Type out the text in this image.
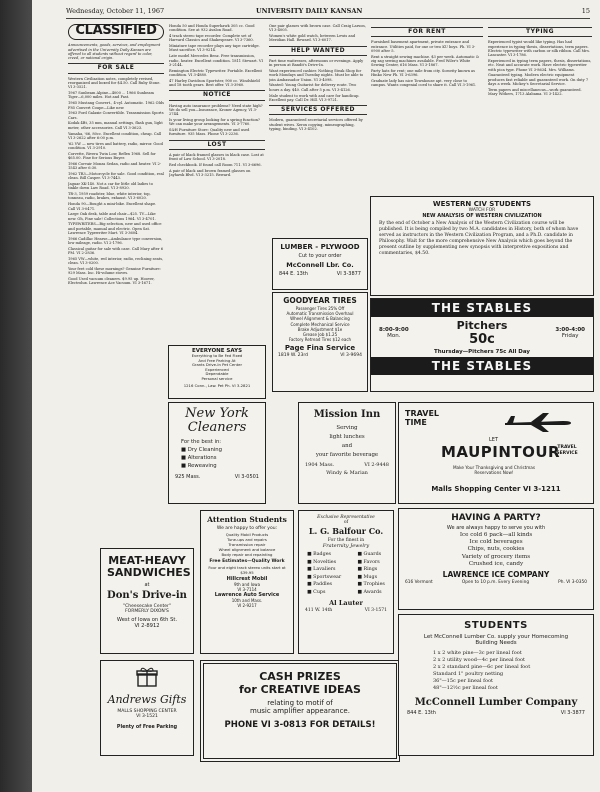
Wednesday, October 11, 1967	UNIVERSITY DAILY KANSAN	15
CLASSIFIED

Announcements, goods, services, and employment advertised in the University Daily Kansan are offered to all students without regard to color, creed, or national origin.

FOR SALE

Western Civilization notes, completely revised, reorganized and boxed for $4.50. Call Ruby Stone. VI 3-3521.

1967 Sunbeam Alpine—4000 ... 1966 Sunbeam Tiger—6,000 miles. Hot and Fast.

1965 Mustang Convert., 4-cyl. Automatic. 1962 Olds F85 Convert Coupe—Like new.

1963 Ford Galaxie Convertible. Transmission Sports Cars.

Kodak 4Bt, 35 mm, manual settings, flash gun, light meter, other accessories. Call VI 3-3623.

Yamaha, '66, 80cc. Excellent condition, cheap. Call VI 3-2622 after 6:00 p.m.

'62 VW — new tires and battery, radio, mirror. Good condition. VI 3-2910.

Corvette, Rivera Twin Low, Reflex 1968. Sell for $65.00. Fine for Serious Buyer.

1966 Corvair Monza Sedan, radio and heater. VI 2-1543 after 6:30.

1962 TR3—Motorcycle for sale. Good condition, real clean. Bill Casper. VI 3-7443.

Jaguar XK-140. Not a car for little old ladies to tinkle down Law Road. VI 3-8920.

TR-3, 1959 roadster, blue, white interior, top, tonneau, radio, brakes, exhaust. VI 3-6020.

Honda 90—Bought a mini-bike. Excellent shape. Call VI 3-0471.

Large Oak desk, table and chair—$25. TV—Like new. Oh, Fine sale! Collections 1964. VI 3-4701.

TYPEWRITERS—Big selection, new and used office and portable, manual and electric. Open Sat. Lawrence Typewriter Mart. VI 3-3604.

1966 Cadillac Hearse—Ambulance type conversion, low mileage, radio. VI 2-1796.

Classical guitar for sale with case. Call Mary after 6 PM. VI 2-2836.

1965 VW—white, red interior, radio, reclining seats, clean. VI 3-0200.

Your feet cold these mornings? Genuine Furniture: 929 Mass. Inc. Hi-volume stoves.

Good Used vacuum cleaners. $9.95 up. Hoover, Electrolux. Lawrence Ace Vacuum. VI 3-1671.

Honda 50 and Honda Superhawk 305 cc. Good condition. See at 932 Avalon Road.

4 track stereo tape recorder. Complete set of Harvard Classics and Shakespeare. VI 3-7360.

Miniature tape recorder plays any tape cartridge. Must sacrifice. VI 3-9214.

Late model Mercedes Benz. Free transmission, radio, heater. Excellent condition. 1811 Stewart. VI 3-2144.

Remington Electric Typewriter. Portable. Excellent condition. VI 3-4880.

47 Harley Davidson Sportster, 900 cc. Windshield and 18 tooth gears. Best offer. VI 3-3960.

NOTICE

Having auto insurance problems? Need state high? We do sell you—Insurance, Kroner Agency, VI 3-2744.

Is your living group looking for a spring function? We can make your arrangements. VI 3-7760.

S&H Furniture Store: Quality new and used furniture. 935 Mass. Phone VI 3-2236.

LOST

A pair of black framed glasses in black case. Lost at front of Law School. VI 3-2018.

Red checkbook. If found call Room 711. VI 3-6696.

A pair of black and brown framed glasses on Jayhawk Blvd. VI 3-3215. Reward.

One pair glasses with brown case. Call Craig Larson, VI 3-4005.

Women's white gold watch, between Lewis and Meridian Hall. Reward. VI 3-6017.

HELP WANTED

Part time waitresses, afternoons or evenings. Apply in person at Bandit's Drive-In.

Want experienced cashier. Nothing Steak Shop for work Mondays and Tuesday nights. Must be able to join Ambassador Union. VI 3-4098.

Wanted: Young Guitarist for delivery route. Two hours a day. $40. Call after 5 p.m. VI 3-4126.

Male student to work with and care for handicap. Excellent pay. Call Dr. Hill. VI 3-9721.

SERVICES OFFERED

Modern, guaranteed secretarial services offered by student wives. Xerox copying, mimeographing, typing, binding. VI 3-4102.

FOR RENT

Furnished basement apartment, private entrance and entrance. Utilities paid, for one or two KU boys. Ph. VI 3-0900 after 5.

Rent a straight sewing machine. $3 per week. Automatic & zig zag sewing machines available. Fred Wiler's White Sewing Center, 616 Mass. VI 3-1867.

Party hats for rent; one mile from city. Sorority known as Hinko New Ph. VI 3-6396.

Graduate lady has nice Townhouse apt. very close to campus. Wants congenial coed to share it. Call VI 3-1961.

TYPING

Experienced typist would like typing. Has had experience in typing thesis, dissertations, term papers. Electric typewriter with carbon or silk ribbon. Call Mrs. Lancaster. VI 3-1786.

Experienced in typing term papers, thesis, dissertations, etc. Neat and accurate work. Have electric typewriter with pica type. Phone VI 3-8634. Mrs. Williams.

Guaranteed typing. Modern electric equipment produces fast reliable and guaranteed work. On duty 7 days a week. Mickey's Secretarial Service.

Term papers and miscellaneous—work guaranteed. Mary Withers, 1713 Alabama. VI 3-1422.

LUMBER - PLYWOOD
Cut to your order
McConnell Lbr. Co.
844 E. 13th	VI 3-3877
GOODYEAR TIRES
Passenger Tires 25% Off
Automatic Transmission Overhaul
Wheel Alignment & Balancing
Complete Mechanical Service
Brake Adjustment $1e
Grease Job $1.25
Factory Retread Tires $12 each
Page Fina Service
1819 W. 23rd	VI 3-9694
WESTERN CIV STUDENTS
WATCH FOR
NEW ANALYSIS OF WESTERN CIVILIZATION
By the end of October a New Analysis of the Western Civilization course will be published. It is being compiled by two M.A. candidates in History, both of whom have served as instructors in the Western Civilization Program, and a Ph.D. candidate in Philosophy. Wait for the more comprehensive New Analysis which goes beyond the present outline by supplementing new synopsis with interpretive expositions and commentaries, $4.50.
THE STABLES
8:00-9:00
Mon.
Pitchers
50c
3:00-4:00
Friday
Thursday—Pitchers 75c All Day
THE STABLES
EVERYONE SAYS
Everything to Be Fed Fixed
And Free Parking At
Grants Drive-In Pet Center
Experienced
Dependable
Personal service
1216 Conn., Law. Pet Ph. VI 3-2821
New York Cleaners
For the best in:
■ Dry Cleaning
■ Alterations
■ Reweaving
925 Mass.	VI 3-0501
Mission Inn
Serving
light lunches
and
your favorite beverage
1904 Mass.	VI 2-9448
Windy & Marian
TRAVEL
TIME
LET
MAUPINTOUR
TRAVEL SERVICE
Make Your Thanksgiving and Christmas Reservations Now!
Malls Shopping Center VI 3-1211
Attention Students
We are happy to offer you:
Quality Mobil Products
Tune-ups and repairs
Transmission repair
Wheel alignment and balance
Body repair and repainting
Free Estimates—Quality Work
Four and eight track stereo units start at $39.95
Hillcrest Mobil
9th and Iowa
VI 3-7114
Lawrence Auto Service
10th and Mass.
VI 2-9217
Exclusive Representative
of
L. G. Balfour Co.
For the finest in
Fraternity Jewelry
■ Badges
■ Novelties
■ Lavaliers
■ Sportswear
■ Paddles
■ Cups
■ Guards
■ Favors
■ Rings
■ Mugs
■ Trophies
■ Awards
Al Lauter
411 W. 14th	VI 3-1571
MEAT-HEAVY SANDWICHES
at
Don's Drive-in
"Cheesecake Center"
FORMERLY DIXON'S
West of Iowa on 6th St.
VI 2-8912
Andrews Gifts
MALLS SHOPPING CENTER
VI 3-1521
Plenty of Free Parking
CASH PRIZES
for CREATIVE IDEAS
relating to motif of
music amplifier appearance.
PHONE VI 3-0813 FOR DETAILS!
HAVING A PARTY?
We are always happy to serve you with
Ice cold 6 pack—all kinds
Ice cold beverages
Chips, nuts, cookies
Variety of grocery items
Crushed ice, candy
LAWRENCE ICE COMPANY
616 Vermont	Open to 10 p.m. Every Evening	Ph. VI 3-0350
STUDENTS
Let McConnell Lumber Co. supply your Homecoming
Building Needs
1 x 2 white pine—3c per lineal foot
2 x 2 utility wood—4c per lineal foot
2 x 2 standard pine—6c per lineal foot
Standard 1" poultry netting
36"—15c per lineal foot
48"—12½c per lineal foot
McConnell Lumber Company
844 E. 13th	VI 3-3877
